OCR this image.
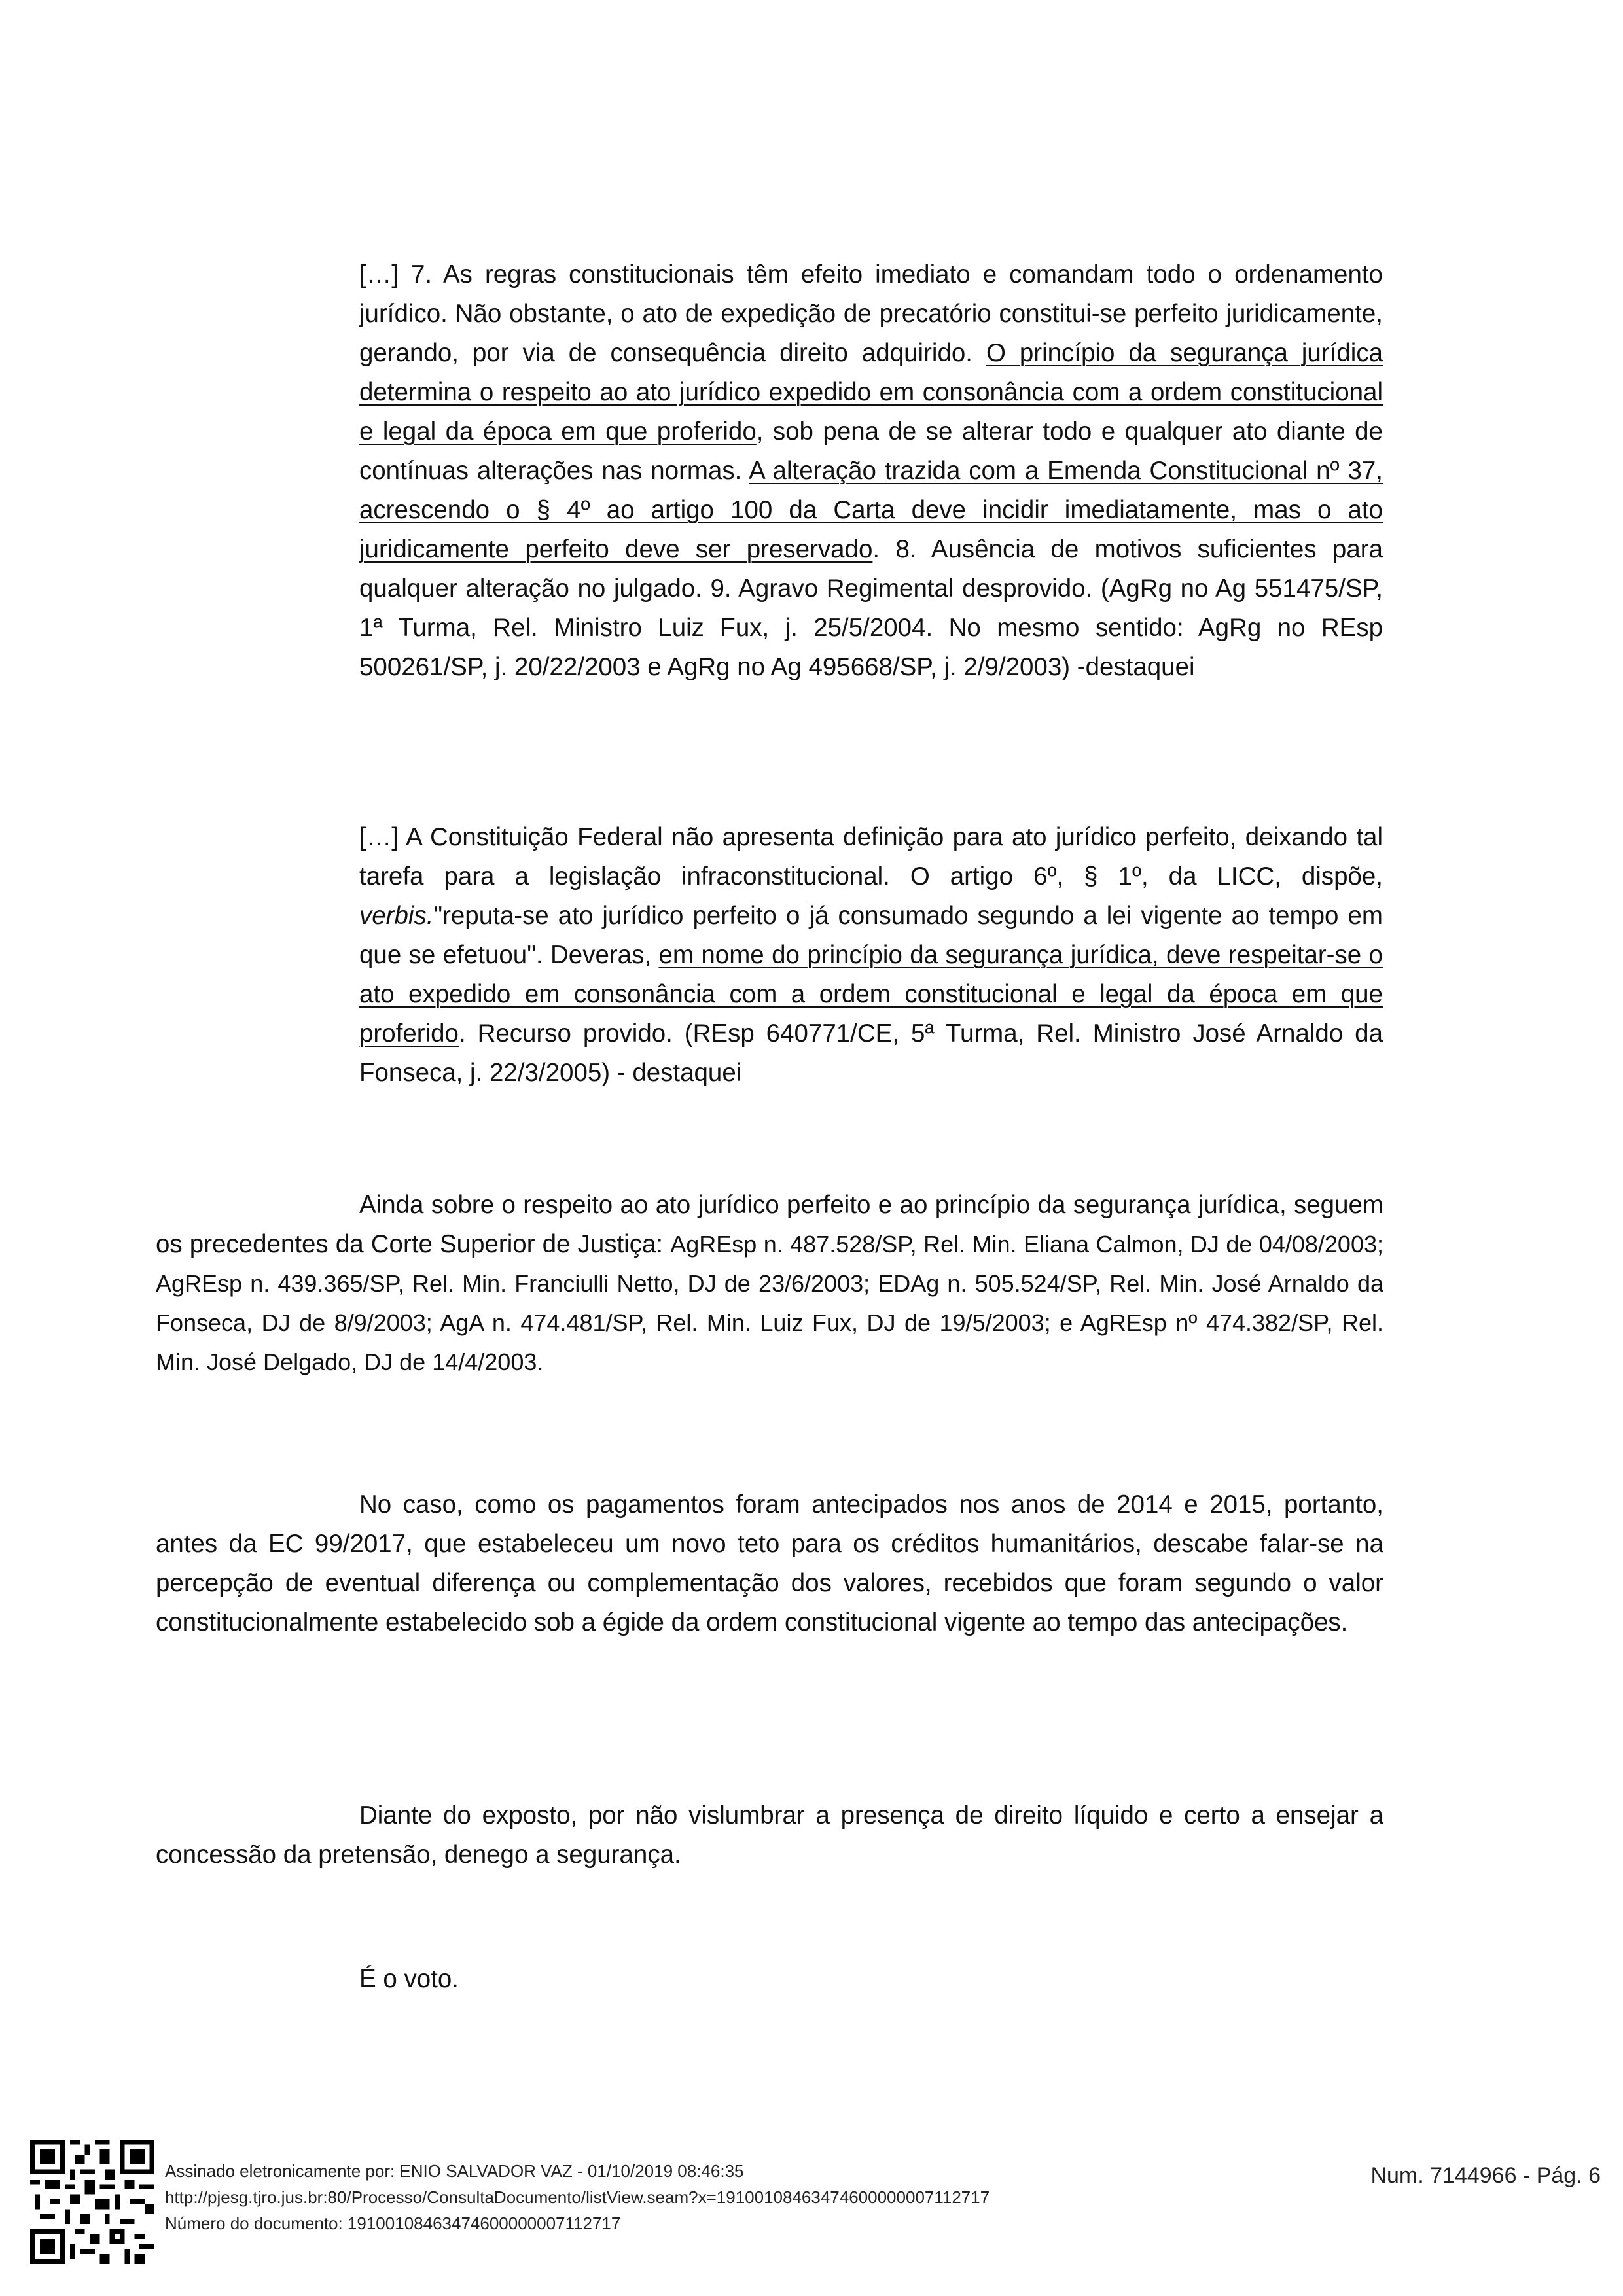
[…] 7. As regras constitucionais têm efeito imediato e comandam todo o ordenamento jurídico. Não obstante, o ato de expedição de precatório constitui-se perfeito juridicamente, gerando, por via de consequência direito adquirido. O princípio da segurança jurídica determina o respeito ao ato jurídico expedido em consonância com a ordem constitucional e legal da época em que proferido, sob pena de se alterar todo e qualquer ato diante de contínuas alterações nas normas. A alteração trazida com a Emenda Constitucional nº 37, acrescendo o § 4º ao artigo 100 da Carta deve incidir imediatamente, mas o ato juridicamente perfeito deve ser preservado. 8. Ausência de motivos suficientes para qualquer alteração no julgado. 9. Agravo Regimental desprovido. (AgRg no Ag 551475/SP, 1ª Turma, Rel. Ministro Luiz Fux, j. 25/5/2004. No mesmo sentido: AgRg no REsp 500261/SP, j. 20/22/2003 e AgRg no Ag 495668/SP, j. 2/9/2003) -destaquei
[…] A Constituição Federal não apresenta definição para ato jurídico perfeito, deixando tal tarefa para a legislação infraconstitucional. O artigo 6º, § 1º, da LICC, dispõe, verbis."reputa-se ato jurídico perfeito o já consumado segundo a lei vigente ao tempo em que se efetuou". Deveras, em nome do princípio da segurança jurídica, deve respeitar-se o ato expedido em consonância com a ordem constitucional e legal da época em que proferido. Recurso provido. (REsp 640771/CE, 5ª Turma, Rel. Ministro José Arnaldo da Fonseca, j. 22/3/2005) - destaquei
Ainda sobre o respeito ao ato jurídico perfeito e ao princípio da segurança jurídica, seguem os precedentes da Corte Superior de Justiça: AgREsp n. 487.528/SP, Rel. Min. Eliana Calmon, DJ de 04/08/2003; AgREsp n. 439.365/SP, Rel. Min. Franciulli Netto, DJ de 23/6/2003; EDAg n. 505.524/SP, Rel. Min. José Arnaldo da Fonseca, DJ de 8/9/2003; AgA n. 474.481/SP, Rel. Min. Luiz Fux, DJ de 19/5/2003; e AgREsp nº 474.382/SP, Rel. Min. José Delgado, DJ de 14/4/2003.
No caso, como os pagamentos foram antecipados nos anos de 2014 e 2015, portanto, antes da EC 99/2017, que estabeleceu um novo teto para os créditos humanitários, descabe falar-se na percepção de eventual diferença ou complementação dos valores, recebidos que foram segundo o valor constitucionalmente estabelecido sob a égide da ordem constitucional vigente ao tempo das antecipações.
Diante do exposto, por não vislumbrar a presença de direito líquido e certo a ensejar a concessão da pretensão, denego a segurança.
É o voto.
Assinado eletronicamente por: ENIO SALVADOR VAZ - 01/10/2019 08:46:35
http://pjesg.tjro.jus.br:80/Processo/ConsultaDocumento/listView.seam?x=19100108463474600000007112717
Número do documento: 19100108463474600000007112717
Num. 7144966 - Pág. 6
